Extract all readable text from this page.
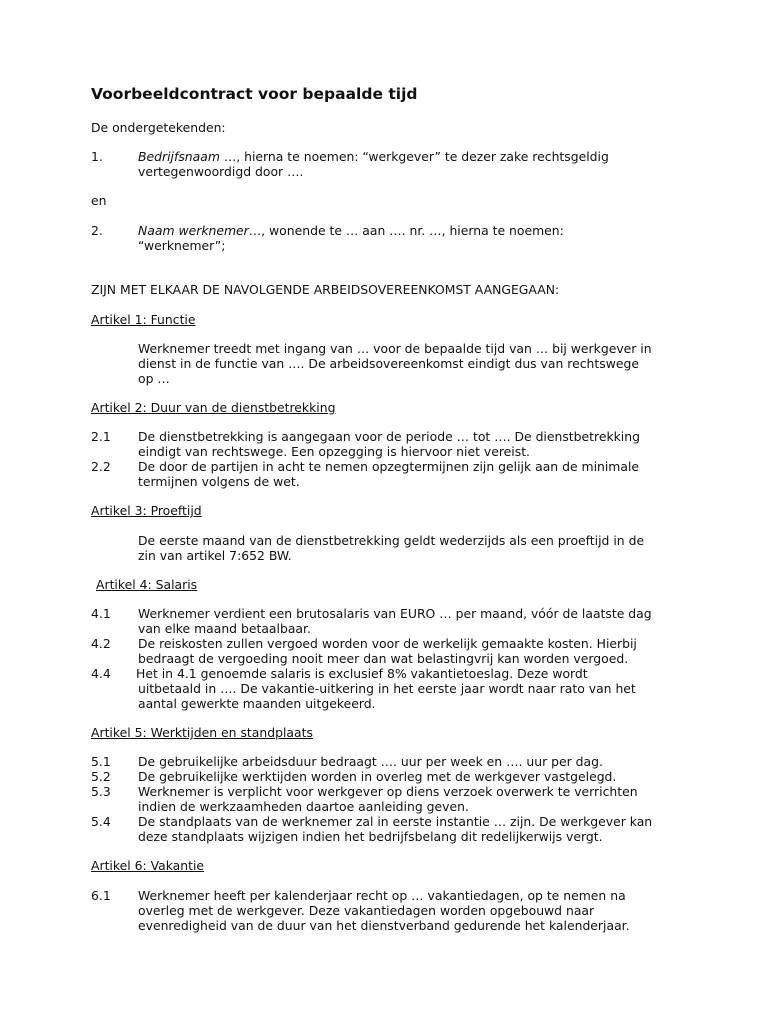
Voorbeeldcontract voor bepaalde tijd
De ondergetekenden:
1.	Bedrijfsnaam …, hierna te noemen: “werkgever” te dezer zake rechtsgeldig
vertegenwoordigd door ….
en
2.	Naam werknemer…, wonende te … aan …. nr. …, hierna te noemen:
“werknemer”;
ZIJN MET ELKAAR DE NAVOLGENDE ARBEIDSOVEREENKOMST AANGEGAAN:
Artikel 1: Functie
Werknemer treedt met ingang van … voor de bepaalde tijd van … bij werkgever in
dienst in de functie van …. De arbeidsovereenkomst eindigt dus van rechtswege
op …
Artikel 2: Duur van de dienstbetrekking
2.1 De dienstbetrekking is aangegaan voor de periode … tot …. De dienstbetrekking
eindigt van rechtswege. Een opzegging is hiervoor niet vereist.
2.2 De door de partijen in acht te nemen opzegtermijnen zijn gelijk aan de minimale
termijnen volgens de wet.
Artikel 3: Proeftijd
De eerste maand van de dienstbetrekking geldt wederzijds als een proeftijd in de
zin van artikel 7:652 BW.
Artikel 4: Salaris
4.1 Werknemer verdient een brutosalaris van EURO … per maand, vóór de laatste dag
van elke maand betaalbaar.
4.2 De reiskosten zullen vergoed worden voor de werkelijk gemaakte kosten. Hierbij
bedraagt de vergoeding nooit meer dan wat belastingvrij kan worden vergoed.
4.4 Het in 4.1 genoemde salaris is exclusief 8% vakantietoeslag. Deze wordt
uitbetaald in …. De vakantie-uitkering in het eerste jaar wordt naar rato van het
aantal gewerkte maanden uitgekeerd.
Artikel 5: Werktijden en standplaats
5.1 De gebruikelijke arbeidsduur bedraagt …. uur per week en …. uur per dag.
5.2 De gebruikelijke werktijden worden in overleg met de werkgever vastgelegd.
5.3 Werknemer is verplicht voor werkgever op diens verzoek overwerk te verrichten
indien de werkzaamheden daartoe aanleiding geven.
5.4 De standplaats van de werknemer zal in eerste instantie … zijn. De werkgever kan
deze standplaats wijzigen indien het bedrijfsbelang dit redelijkerwijs vergt.
Artikel 6: Vakantie
6.1 Werknemer heeft per kalenderjaar recht op … vakantiedagen, op te nemen na
overleg met de werkgever. Deze vakantiedagen worden opgebouwd naar
evenredigheid van de duur van het dienstverband gedurende het kalenderjaar.
